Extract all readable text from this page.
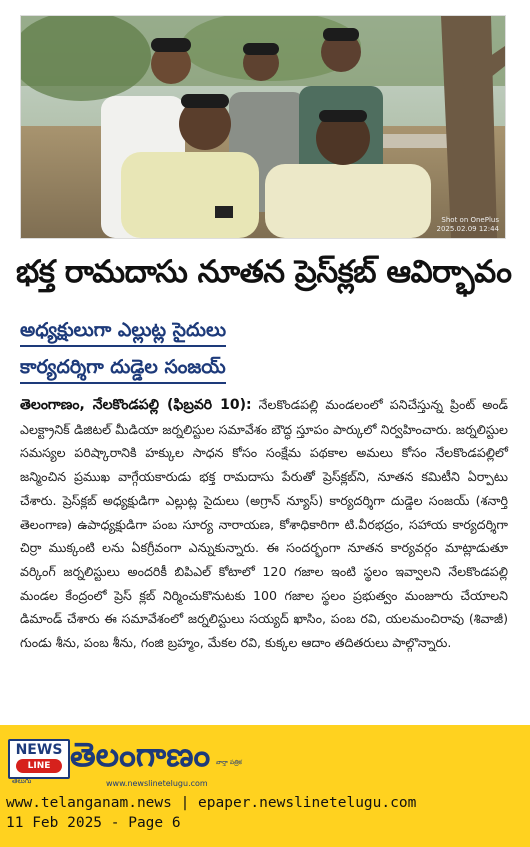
Shot on OnePlus
2025.02.09 12:44
భక్త రామదాసు నూతన ప్రెస్‌క్లబ్ ఆవిర్భావం
అధ్యక్షులుగా ఎల్లుట్ల సైదులు
కార్యదర్శిగా దుడ్డెల సంజయ్
తెలంగాణం, నేలకొండపల్లి (ఫిబ్రవరి 10): నేలకొండపల్లి మండలంలో పనిచేస్తున్న ప్రింట్ అండ్ ఎలక్ట్రానిక్ డిజిటల్ మీడియా జర్నలిస్టుల సమావేశం బౌద్ధ స్తూపం పార్కులో నిర్వహించారు. జర్నలిస్టుల సమస్యల పరిష్కారానికి హక్కుల సాధన కోసం సంక్షేమ పథకాల అమలు కోసం నేలకొండపల్లిలో జన్మించిన ప్రముఖ వాగ్గేయకారుడు భక్త రామదాసు పేరుతో ప్రెస్‌క్లబ్‌ని, నూతన కమిటీని ఏర్పాటు చేశారు. ప్రెస్‌క్లబ్ అధ్యక్షుడిగా ఎల్లుట్ల సైదులు (అగ్రాన్ న్యూస్) కార్యదర్శిగా దుడ్డెల సంజయ్ (శనార్తి తెలంగాణ) ఉపాధ్యక్షుడిగా పంబ సూర్య నారాయణ, కోశాధికారిగా టి.వీరభద్రం, సహాయ కార్యదర్శిగా చిర్రా ముక్కంటి లను ఏకగ్రీవంగా ఎన్నుకున్నారు. ఈ సందర్భంగా నూతన కార్యవర్గం మాట్లాడుతూ వర్కింగ్ జర్నలిస్టులు అందరికీ బిపిఎల్ కోటాలో 120 గజాల ఇంటి స్థలం ఇవ్వాలని నేలకొండపల్లి మండల కేంద్రంలో ప్రెస్ క్లబ్ నిర్మించుకొనుటకు 100 గజాల స్థలం ప్రభుత్వం మంజూరు చేయాలని డిమాండ్ చేశారు ఈ సమావేశంలో జర్నలిస్టులు సయ్యద్ ఖాసిం, పంబ రవి, యలమంచిరావు (శివాజీ) గుండు శీను, పంబ శీను, గంజి బ్రహ్మం, మేకల రవి, కుక్కల ఆదాం తదితరులు పాల్గొన్నారు.
NEWS
LINE
తెలుగు
తెలంగాణం వార్తా పత్రిక
www.newslinetelugu.com
www.telanganam.news | epaper.newslinetelugu.com
11 Feb 2025 - Page 6
